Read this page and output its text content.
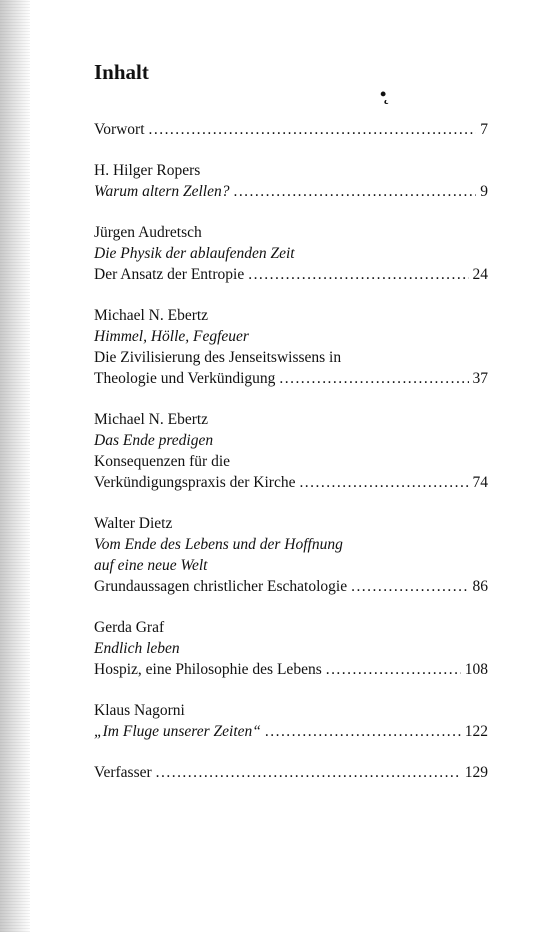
Inhalt
•̨
Vorwort . . .	7
H. Hilger Ropers
Warum altern Zellen? . . .	9
Jürgen Audretsch
Die Physik der ablaufenden Zeit
Der Ansatz der Entropie . . .	24
Michael N. Ebertz
Himmel, Hölle, Fegfeuer
Die Zivilisierung des Jenseitswissens in
Theologie und Verkündigung . . .	37
Michael N. Ebertz
Das Ende predigen
Konsequenzen für die
Verkündigungspraxis der Kirche . . .	74
Walter Dietz
Vom Ende des Lebens und der Hoffnung
auf eine neue Welt
Grundaussagen christlicher Eschatologie . . .	86
Gerda Graf
Endlich leben
Hospiz, eine Philosophie des Lebens . . .	108
Klaus Nagorni
„Im Fluge unserer Zeiten“ . . .	122
Verfasser . . .	129
